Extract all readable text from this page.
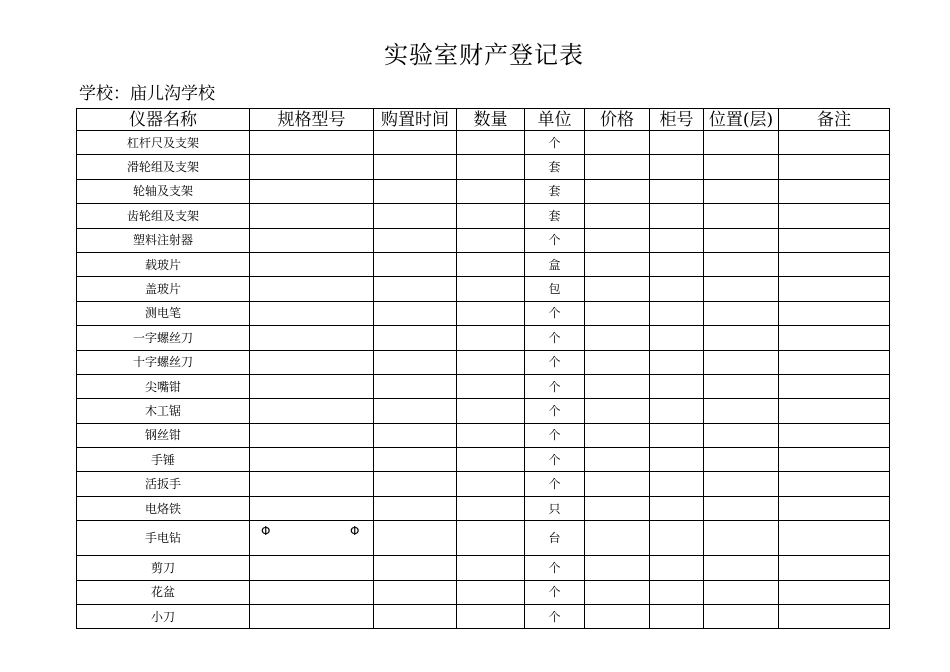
实验室财产登记表
学校：庙儿沟学校
仪器名称	规格型号	购置时间	数量	单位	价格	柜号	位置(层)	备注
杠杆尺及支架				个				
滑轮组及支架				套				
轮轴及支架				套				
齿轮组及支架				套				
塑料注射器				个				
载玻片				盒				
盖玻片				包				
测电笔				个				
一字螺丝刀				个				
十字螺丝刀				个				
尖嘴钳				个				
木工锯				个				
钢丝钳				个				
手锤				个				
活扳手				个				
电烙铁				只				
手电钻	Φ Φ			台				
剪刀				个				
花盆				个				
小刀				个				
